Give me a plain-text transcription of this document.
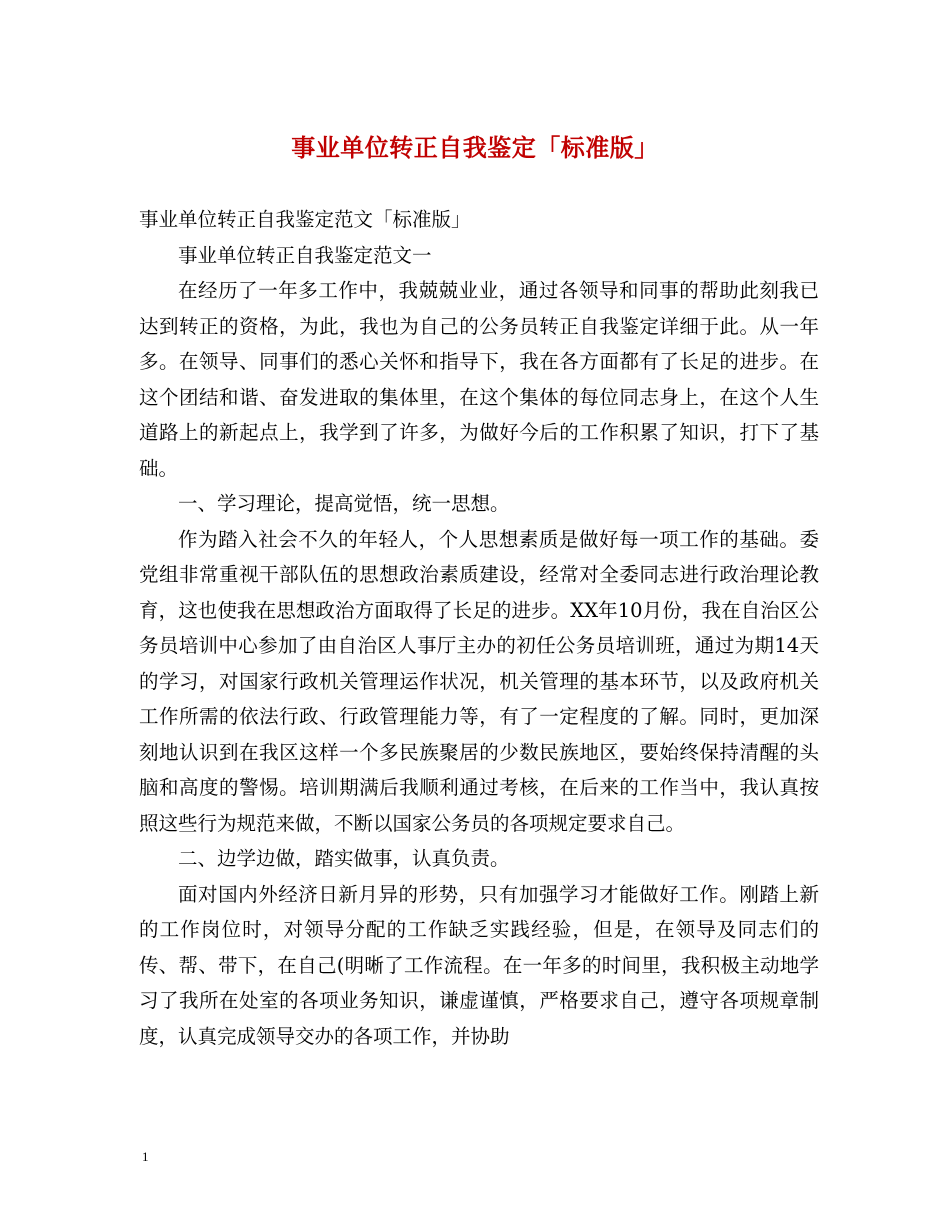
事业单位转正自我鉴定「标准版」

事业单位转正自我鉴定范文「标准版」

事业单位转正自我鉴定范文一

在经历了一年多工作中，我兢兢业业，通过各领导和同事的帮助此刻我已达到转正的资格，为此，我也为自己的公务员转正自我鉴定详细于此。从一年多。在领导、同事们的悉心关怀和指导下，我在各方面都有了长足的进步。在这个团结和谐、奋发进取的集体里，在这个集体的每位同志身上，在这个人生道路上的新起点上，我学到了许多，为做好今后的工作积累了知识，打下了基础。

一、学习理论，提高觉悟，统一思想。

作为踏入社会不久的年轻人，个人思想素质是做好每一项工作的基础。委党组非常重视干部队伍的思想政治素质建设，经常对全委同志进行政治理论教育，这也使我在思想政治方面取得了长足的进步。XX年10月份，我在自治区公务员培训中心参加了由自治区人事厅主办的初任公务员培训班，通过为期14天的学习，对国家行政机关管理运作状况，机关管理的基本环节，以及政府机关工作所需的依法行政、行政管理能力等，有了一定程度的了解。同时，更加深刻地认识到在我区这样一个多民族聚居的少数民族地区，要始终保持清醒的头脑和高度的警惕。培训期满后我顺利通过考核，在后来的工作当中，我认真按照这些行为规范来做，不断以国家公务员的各项规定要求自己。

二、边学边做，踏实做事，认真负责。

面对国内外经济日新月异的形势，只有加强学习才能做好工作。刚踏上新的工作岗位时，对领导分配的工作缺乏实践经验，但是，在领导及同志们的传、帮、带下，在自己(明晰了工作流程。在一年多的时间里，我积极主动地学习了我所在处室的各项业务知识，谦虚谨慎，严格要求自己，遵守各项规章制度，认真完成领导交办的各项工作，并协助

1
